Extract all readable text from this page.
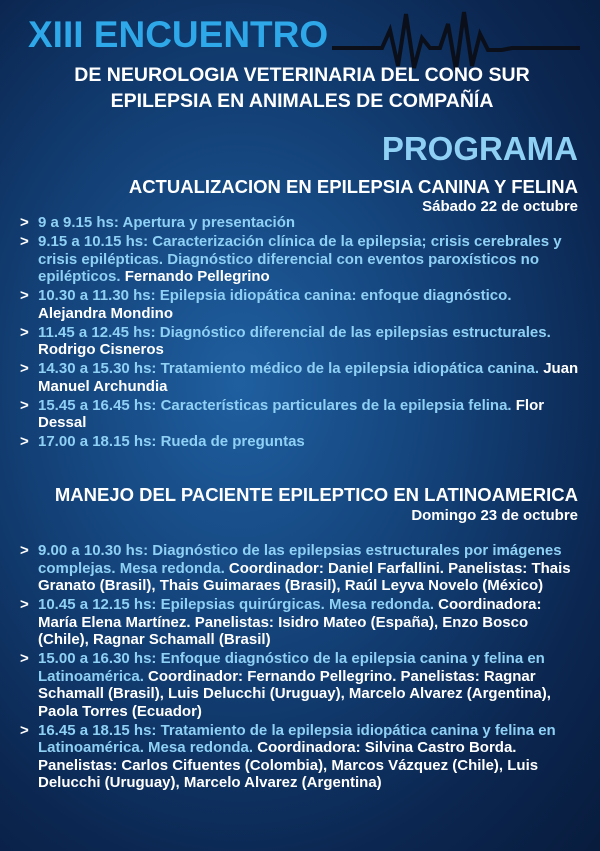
XIII ENCUENTRO
DE NEUROLOGIA VETERINARIA DEL CONO SUR
EPILEPSIA EN ANIMALES DE COMPAÑÍA
PROGRAMA
ACTUALIZACION EN EPILEPSIA CANINA Y FELINA
Sábado 22 de octubre
> 9 a 9.15 hs: Apertura y presentación
> 9.15 a 10.15 hs: Caracterización clínica de la epilepsia; crisis cerebrales y crisis epilépticas. Diagnóstico diferencial con eventos paroxísticos no epilépticos. Fernando Pellegrino
> 10.30 a 11.30 hs: Epilepsia idiopática canina: enfoque diagnóstico. Alejandra Mondino
> 11.45 a 12.45 hs: Diagnóstico diferencial de las epilepsias estructurales. Rodrigo Cisneros
> 14.30 a 15.30 hs: Tratamiento médico de la epilepsia idiopática canina. Juan Manuel Archundia
> 15.45 a 16.45 hs: Características particulares de la epilepsia felina. Flor Dessal
> 17.00 a 18.15 hs: Rueda de preguntas
MANEJO DEL PACIENTE EPILEPTICO EN LATINOAMERICA
Domingo 23 de octubre
> 9.00 a 10.30 hs: Diagnóstico de las epilepsias estructurales por imágenes complejas. Mesa redonda. Coordinador: Daniel Farfallini. Panelistas: Thais Granato (Brasil), Thais Guimaraes (Brasil), Raúl Leyva Novelo (México)
> 10.45 a 12.15 hs: Epilepsias quirúrgicas. Mesa redonda. Coordinadora: María Elena Martínez. Panelistas: Isidro Mateo (España), Enzo Bosco (Chile), Ragnar Schamall (Brasil)
> 15.00 a 16.30 hs: Enfoque diagnóstico de la epilepsia canina y felina en Latinoamérica. Coordinador: Fernando Pellegrino. Panelistas: Ragnar Schamall (Brasil), Luis Delucchi (Uruguay), Marcelo Alvarez (Argentina), Paola Torres (Ecuador)
> 16.45 a 18.15 hs: Tratamiento de la epilepsia idiopática canina y felina en Latinoamérica. Mesa redonda. Coordinadora: Silvina Castro Borda. Panelistas: Carlos Cifuentes (Colombia), Marcos Vázquez (Chile), Luis Delucchi (Uruguay), Marcelo Alvarez (Argentina)
